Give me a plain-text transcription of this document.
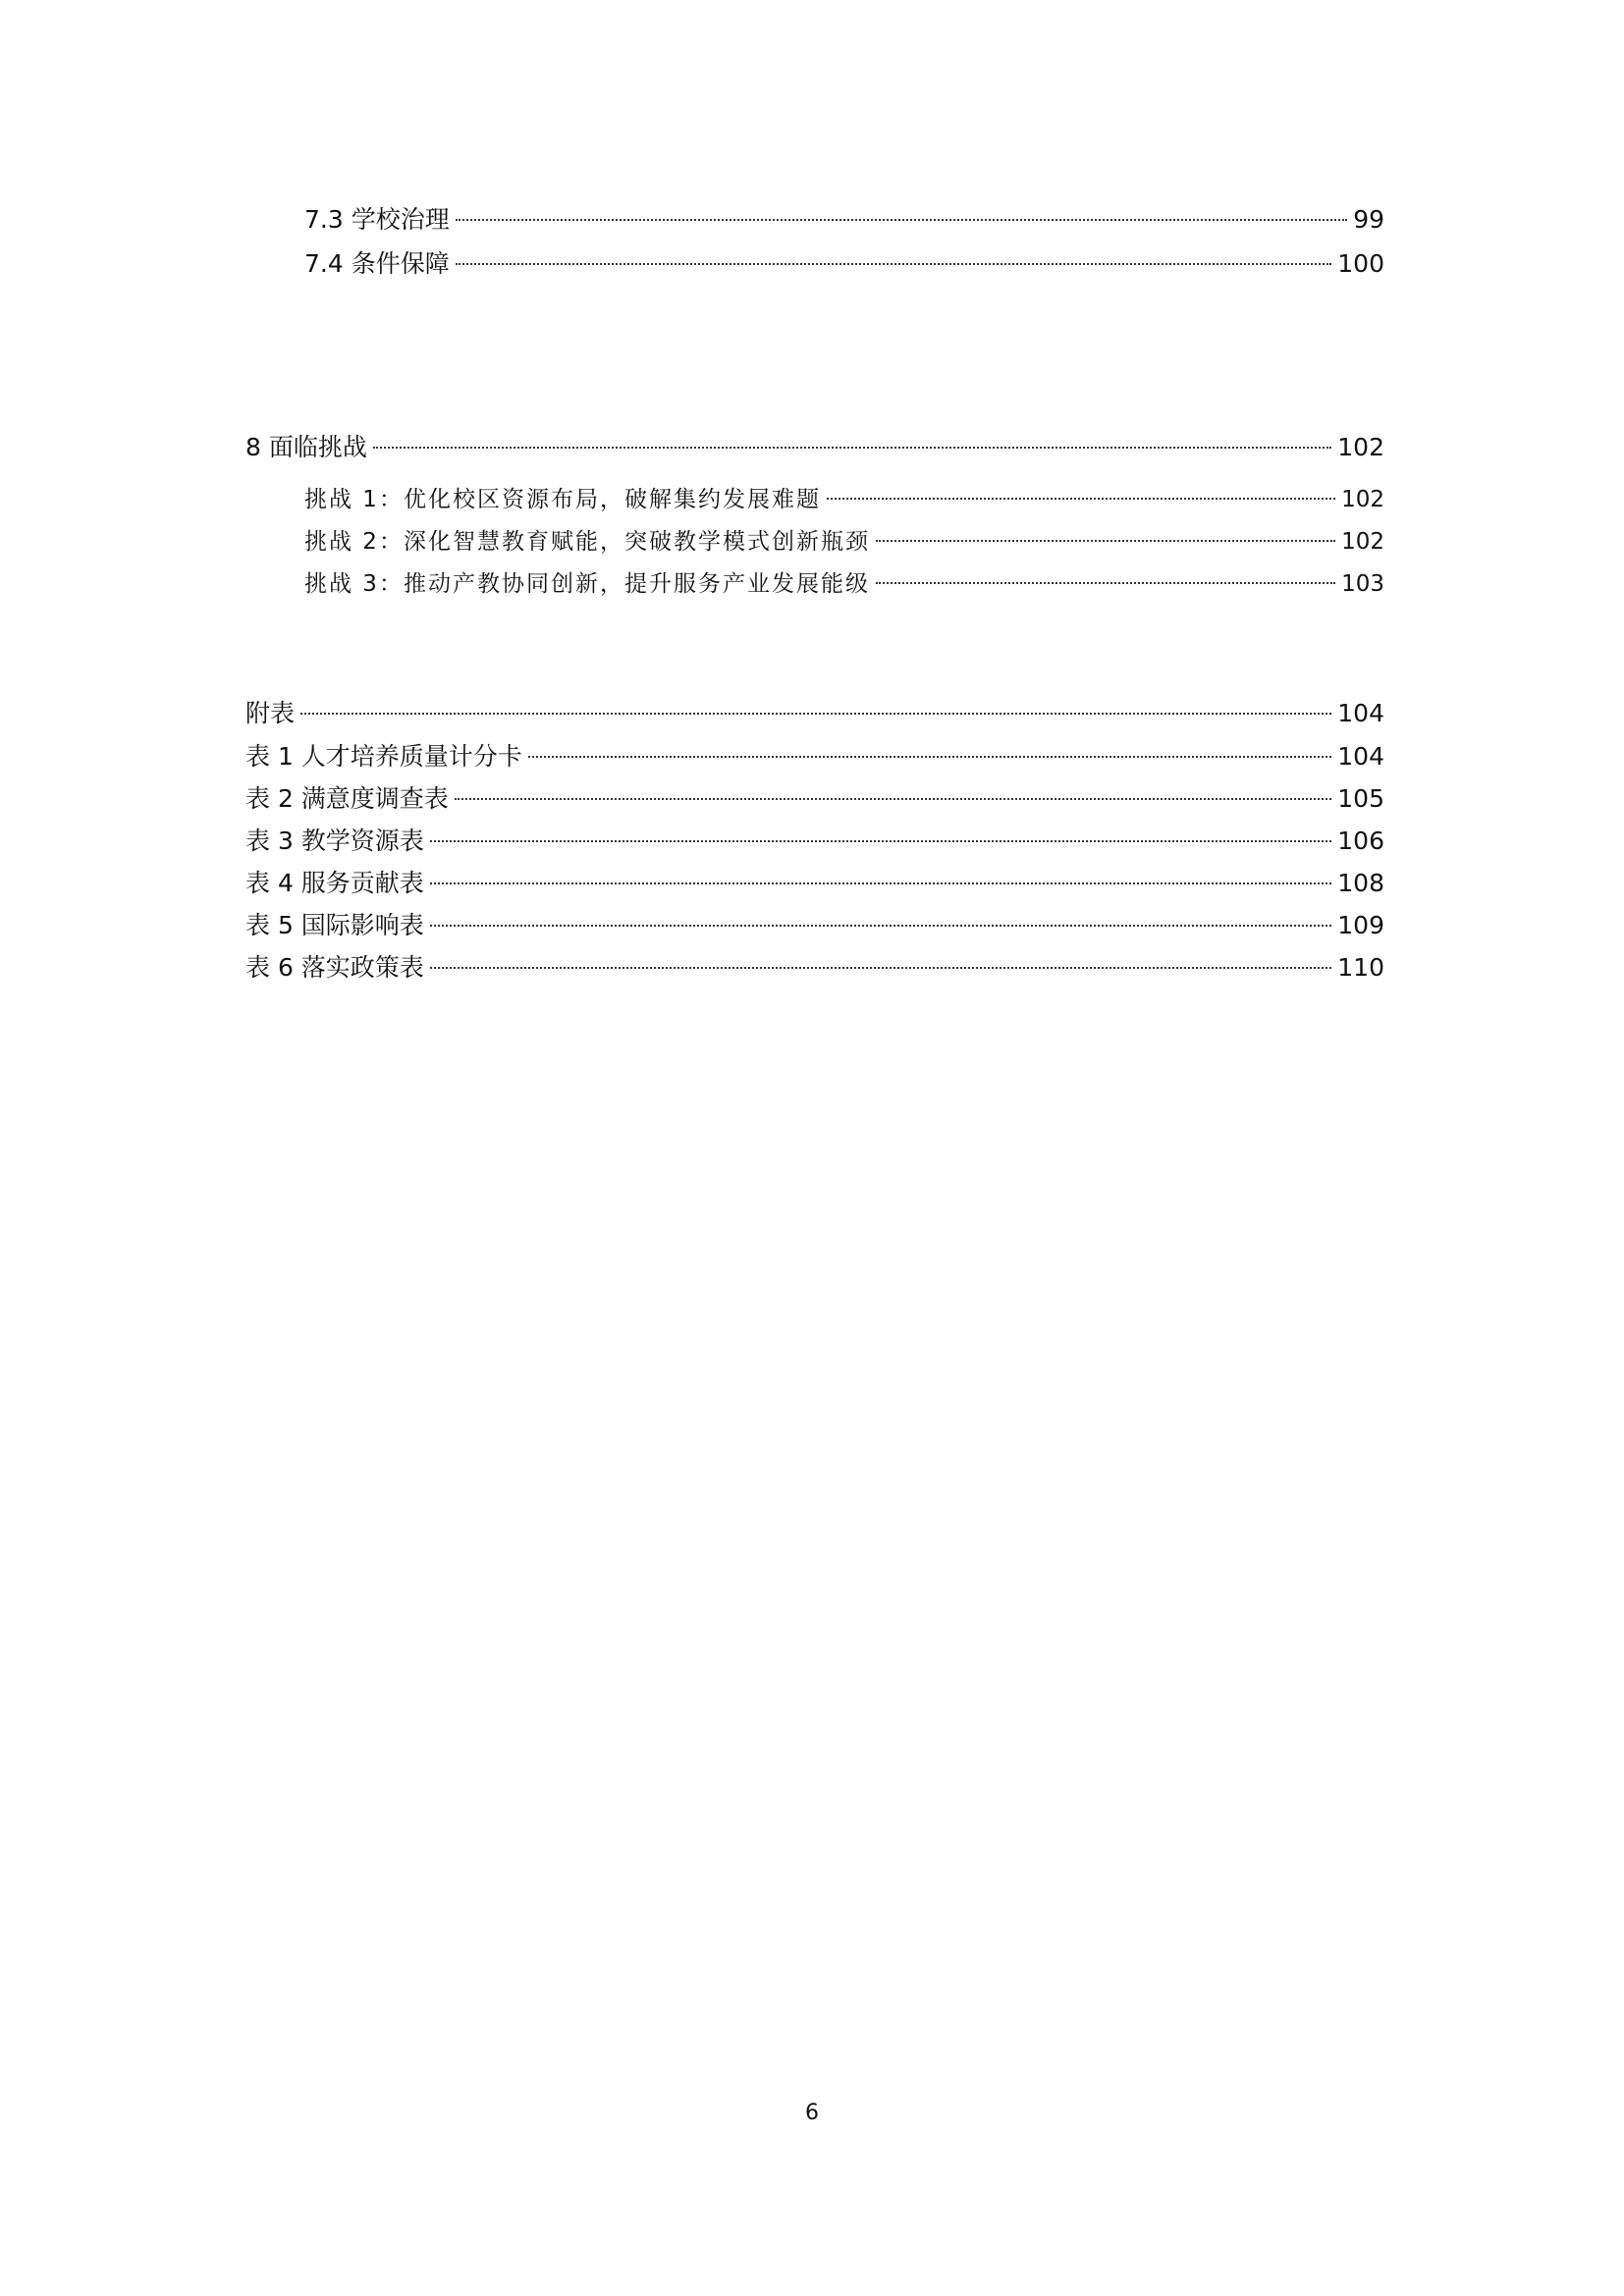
7.3 学校治理	99
7.4 条件保障	100
8 面临挑战	102
挑战 1：优化校区资源布局，破解集约发展难题	102
挑战 2：深化智慧教育赋能，突破教学模式创新瓶颈	102
挑战 3：推动产教协同创新，提升服务产业发展能级	103
附表	104
表 1 人才培养质量计分卡	104
表 2 满意度调查表	105
表 3 教学资源表	106
表 4 服务贡献表	108
表 5 国际影响表	109
表 6 落实政策表	110
6
